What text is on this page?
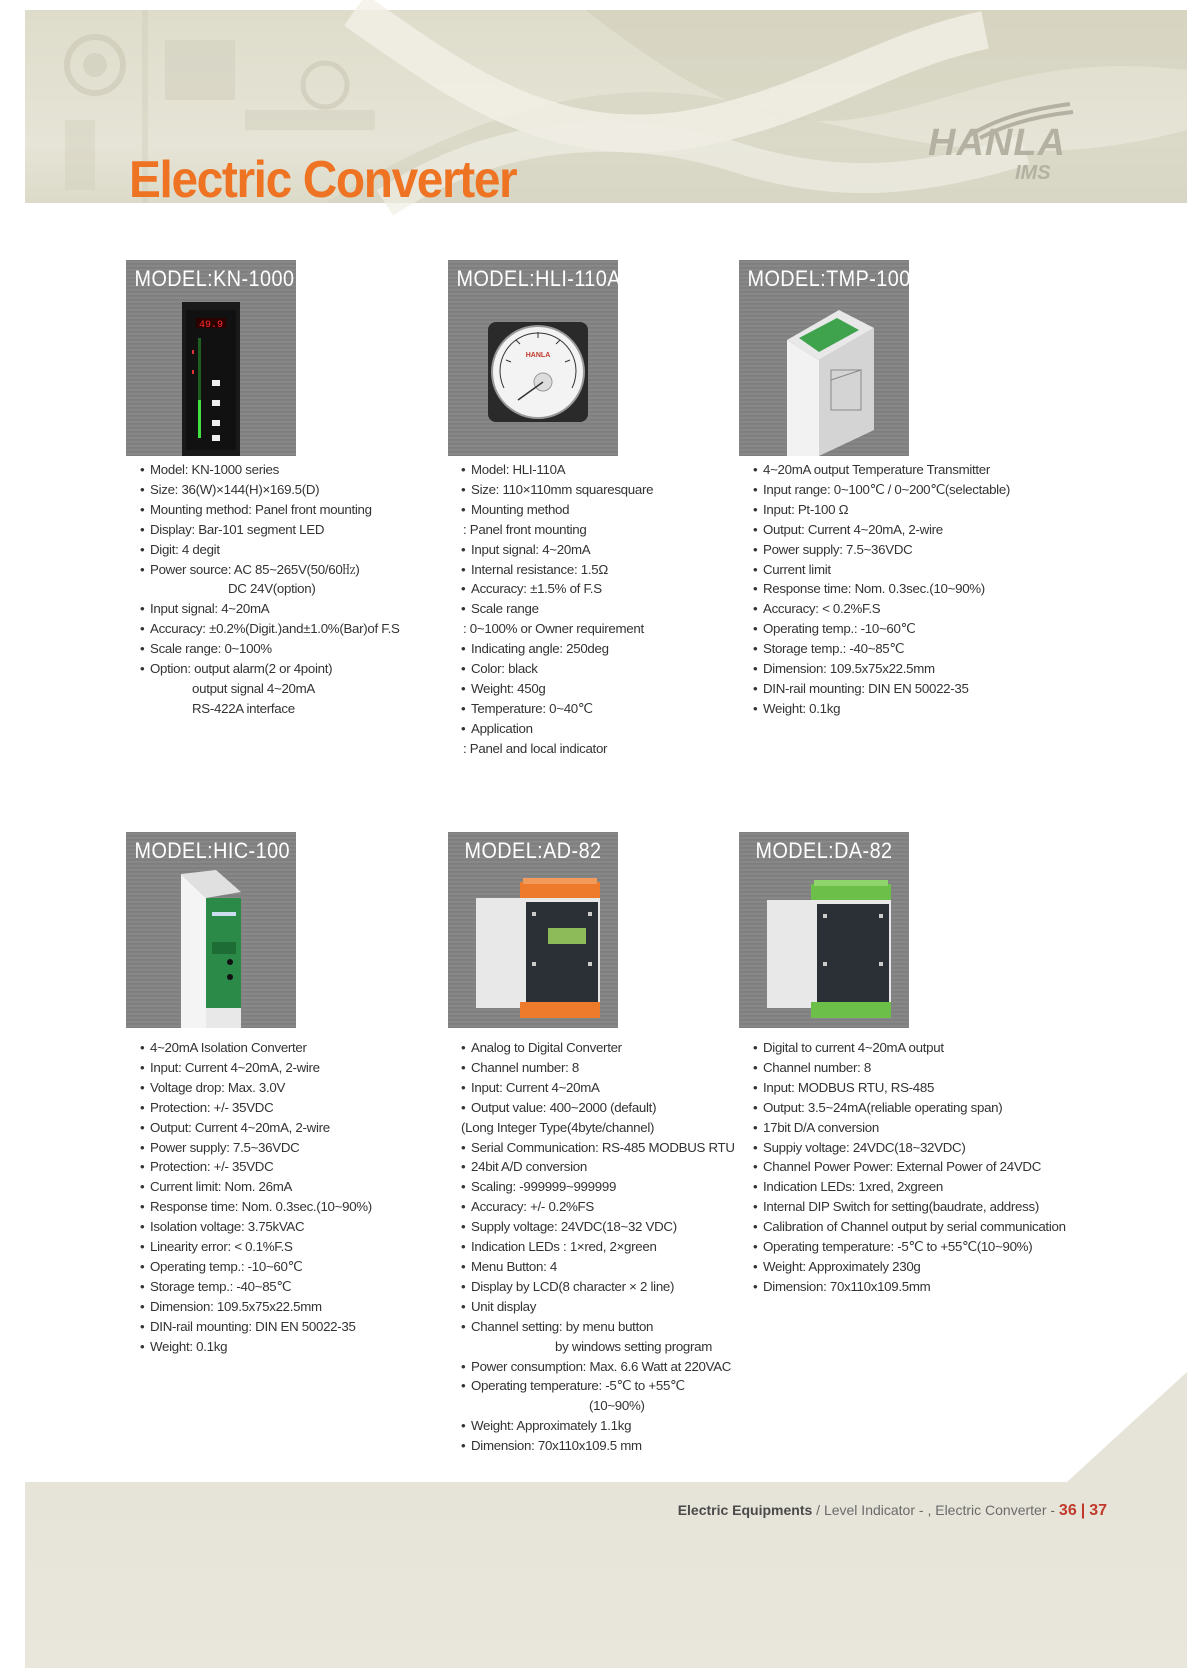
Electric Converter
HANLA
IMS
MODEL:KN-1000 series
49.9
• Model: KN-1000 series
• Size: 36(W)×144(H)×169.5(D)
• Mounting method: Panel front mounting
• Display: Bar-101 segment LED
• Digit: 4 degit
• Power source: AC 85~265V(50/60㎐)
DC 24V(option)
• Input signal: 4~20mA
• Accuracy: ±0.2%(Digit.)and±1.0%(Bar)of F.S
• Scale range: 0~100%
• Option: output alarm(2 or 4point)
output signal 4~20mA
RS-422A interface
MODEL:HLI-110A
HANLA
• Model: HLI-110A
• Size: 110×110mm squaresquare
• Mounting method
: Panel front mounting
• Input signal: 4~20mA
• Internal resistance: 1.5Ω
• Accuracy: ±1.5% of F.S
• Scale range
: 0~100% or Owner requirement
• Indicating angle: 250deg
• Color: black
• Weight: 450g
• Temperature: 0~40℃
• Application
: Panel and local indicator
MODEL:TMP-100
• 4~20mA output Temperature Transmitter
• Input range: 0~100℃ / 0~200℃(selectable)
• Input: Pt-100 Ω
• Output: Current 4~20mA, 2-wire
• Power supply: 7.5~36VDC
• Current limit
• Response time: Nom. 0.3sec.(10~90%)
• Accuracy: < 0.2%F.S
• Operating temp.: -10~60℃
• Storage temp.: -40~85℃
• Dimension: 109.5x75x22.5mm
• DIN-rail mounting: DIN EN 50022-35
• Weight: 0.1kg
MODEL:HIC-100
• 4~20mA Isolation Converter
• Input: Current 4~20mA, 2-wire
• Voltage drop: Max. 3.0V
• Protection: +/- 35VDC
• Output: Current 4~20mA, 2-wire
• Power supply: 7.5~36VDC
• Protection: +/- 35VDC
• Current limit: Nom. 26mA
• Response time: Nom. 0.3sec.(10~90%)
• Isolation voltage: 3.75kVAC
• Linearity error: < 0.1%F.S
• Operating temp.: -10~60℃
• Storage temp.: -40~85℃
• Dimension: 109.5x75x22.5mm
• DIN-rail mounting: DIN EN 50022-35
• Weight: 0.1kg
MODEL:AD-82
• Analog to Digital Converter
• Channel number: 8
• Input: Current 4~20mA
• Output value: 400~2000 (default)
(Long Integer Type(4byte/channel)
• Serial Communication: RS-485 MODBUS RTU
• 24bit A/D conversion
• Scaling: -999999~999999
• Accuracy: +/- 0.2%FS
• Supply voltage: 24VDC(18~32 VDC)
• Indication LEDs : 1×red, 2×green
• Menu Button: 4
• Display by LCD(8 character × 2 line)
• Unit display
• Channel setting: by menu button
by windows setting program
• Power consumption: Max. 6.6 Watt at 220VAC
• Operating temperature: -5℃ to +55℃
(10~90%)
• Weight: Approximately 1.1kg
• Dimension: 70x110x109.5 mm
MODEL:DA-82
• Digital to current 4~20mA output
• Channel number: 8
• Input: MODBUS RTU, RS-485
• Output: 3.5~24mA(reliable operating span)
• 17bit D/A conversion
• Suppiy voltage: 24VDC(18~32VDC)
• Channel Power Power: External Power of 24VDC
• Indication LEDs: 1xred, 2xgreen
• Internal DIP Switch for setting(baudrate, address)
• Calibration of Channel output by serial communication
• Operating temperature: -5℃ to +55℃(10~90%)
• Weight: Approximately 230g
• Dimension: 70x110x109.5mm
Electric Equipments / Level Indicator - , Electric Converter - 36 | 37
